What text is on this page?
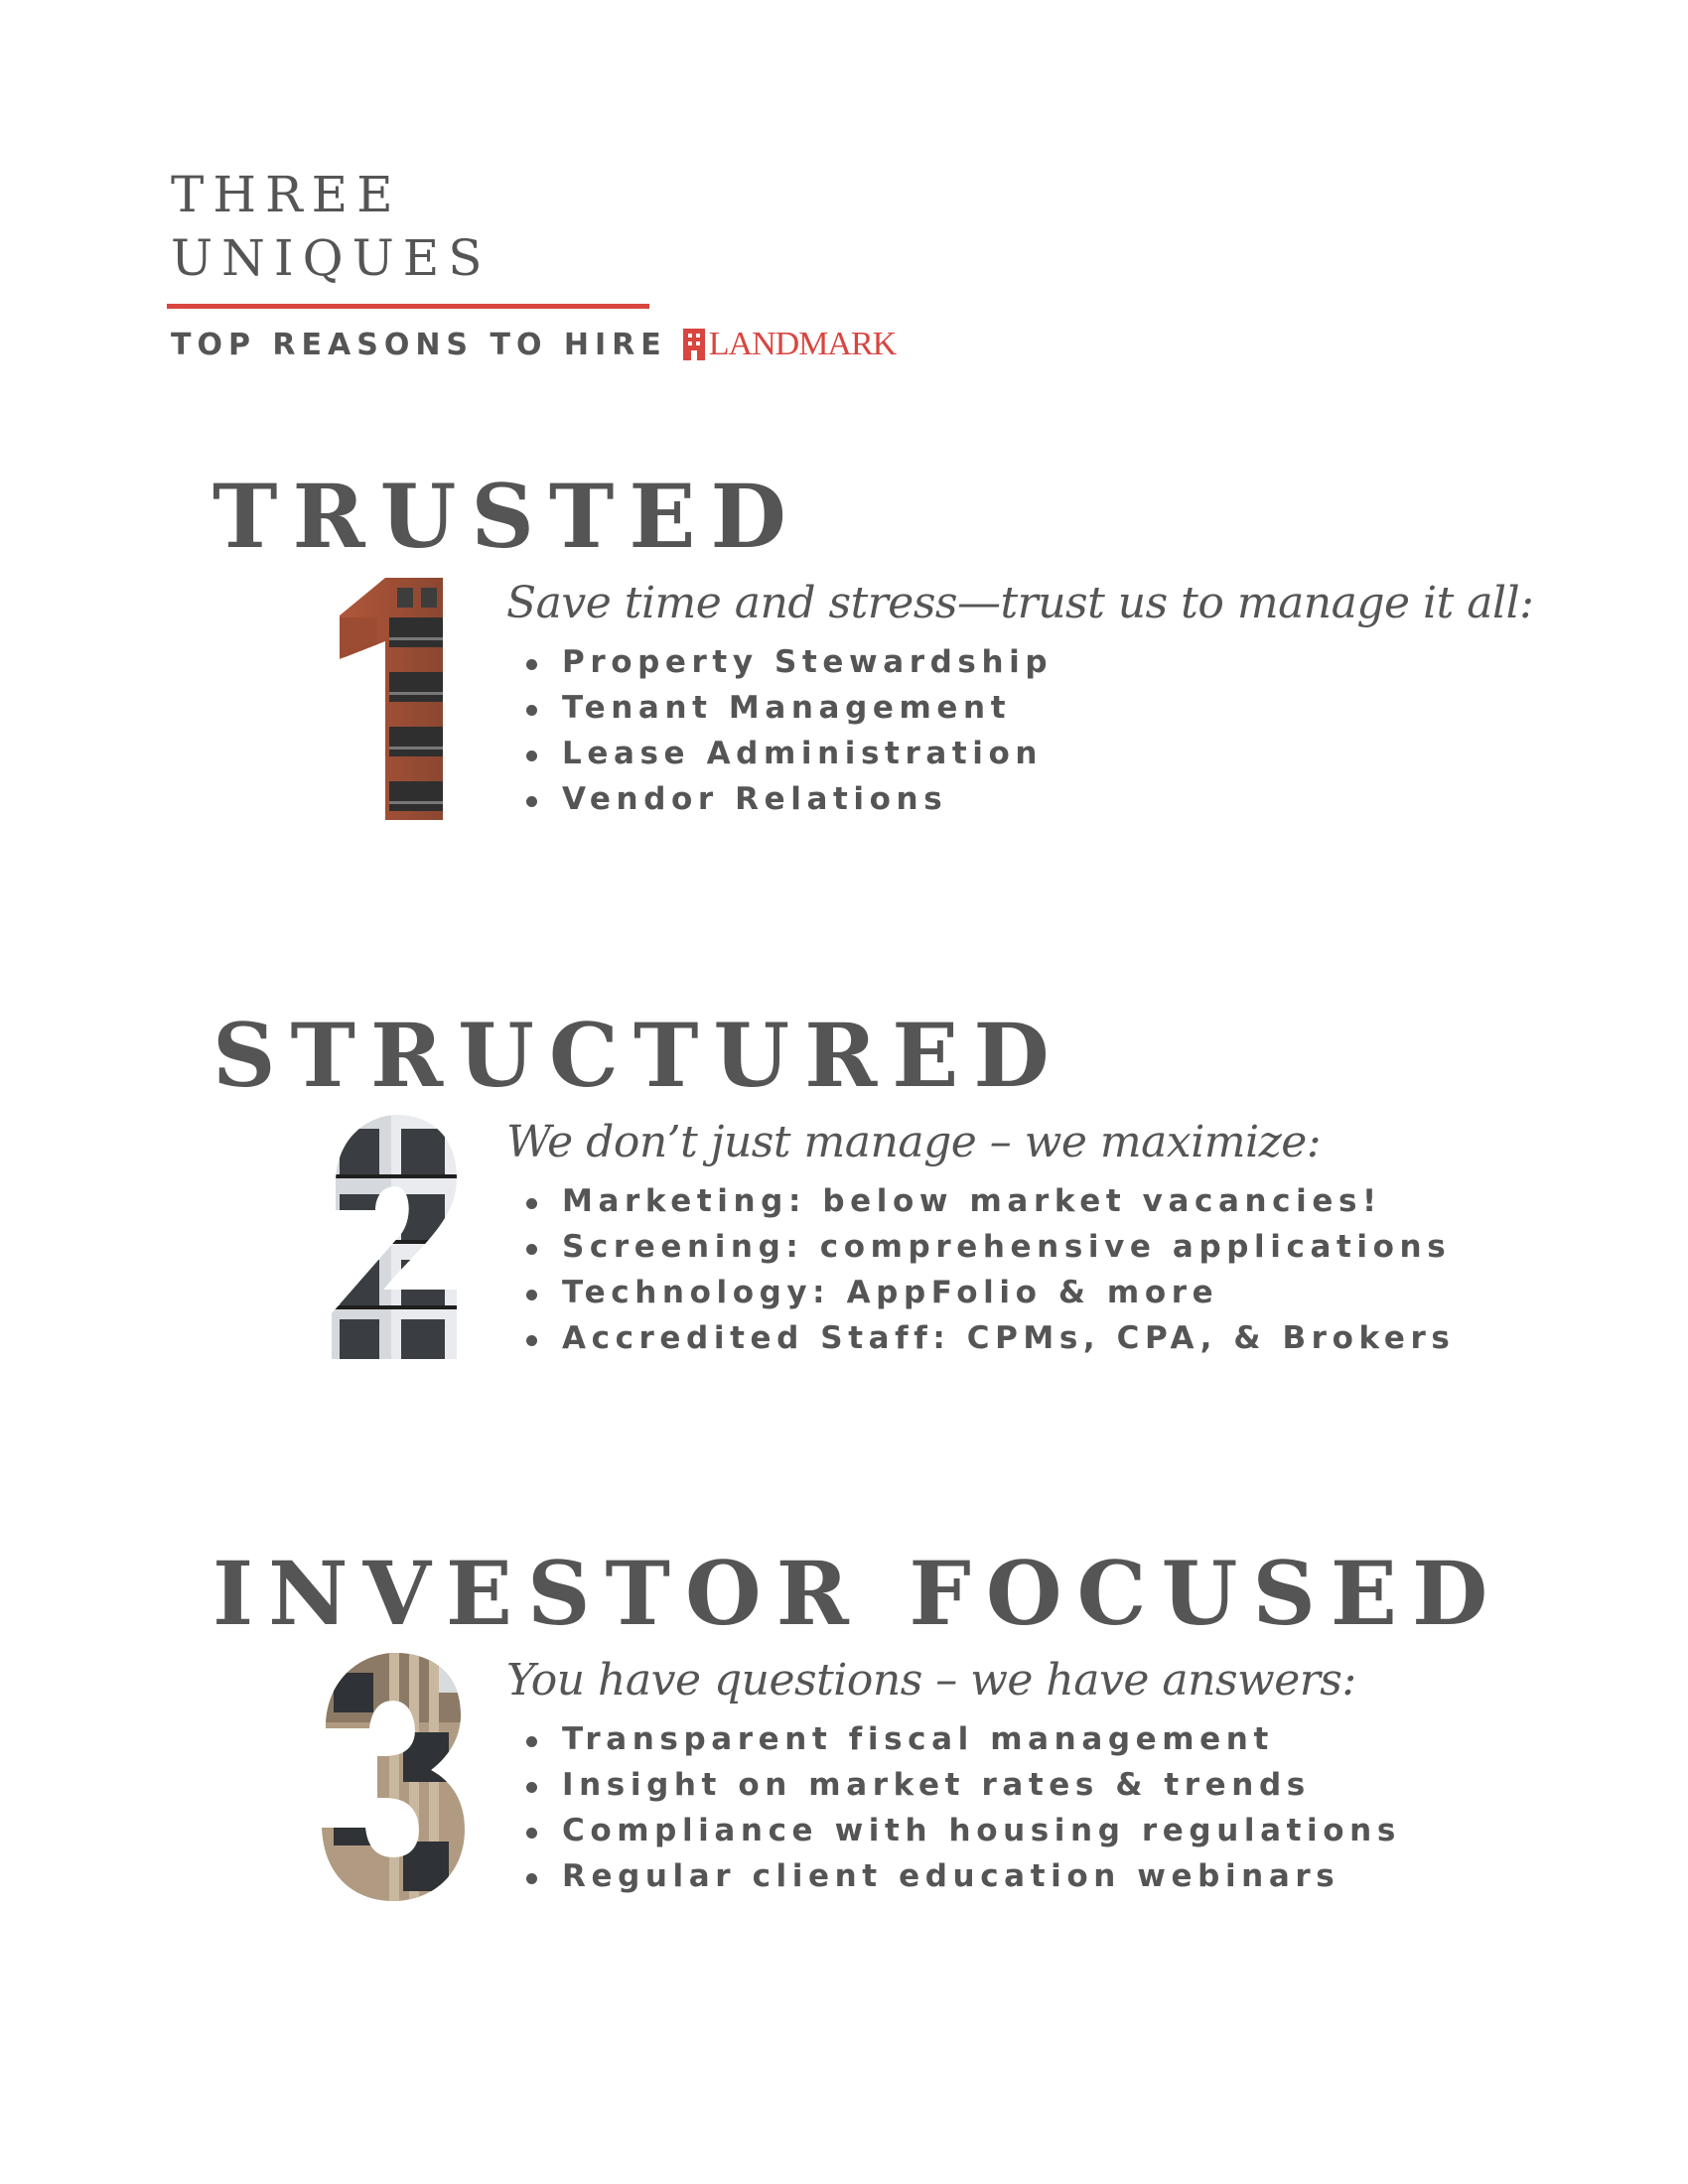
THREE
UNIQUES
TOP REASONS TO HIRE LANDMARK
TRUSTED
Save time and stress—trust us to manage it all:
Property Stewardship
Tenant Management
Lease Administration
Vendor Relations
STRUCTURED
We don’t just manage – we maximize:
Marketing: below market vacancies!
Screening: comprehensive applications
Technology: AppFolio & more
Accredited Staff: CPMs, CPA, & Brokers
INVESTOR FOCUSED
You have questions – we have answers:
Transparent fiscal management
Insight on market rates & trends
Compliance with housing regulations
Regular client education webinars
